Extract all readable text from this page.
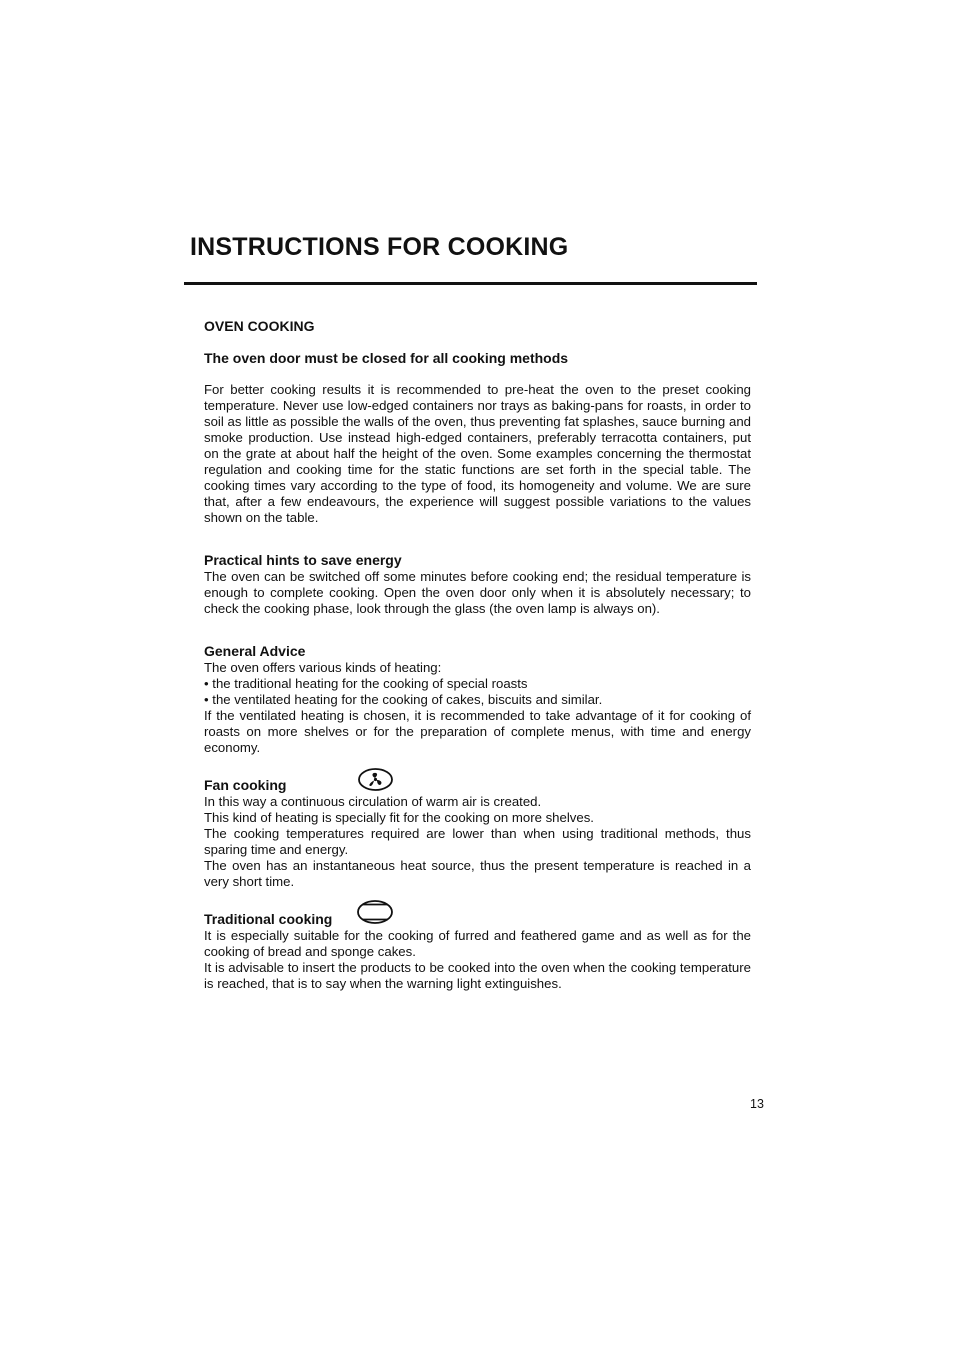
INSTRUCTIONS FOR COOKING
OVEN COOKING
The oven door must be closed for all cooking methods

For better cooking results it is recommended to pre-heat the oven to the preset cooking temperature. Never use low-edged containers nor trays as baking-pans for roasts, in order to soil as little as possible the walls of the oven, thus preventing fat splashes, sauce burning and smoke production. Use instead high-edged containers, preferably terracotta containers, put on the grate at about half the height of the oven. Some examples concerning the thermostat regulation and cooking time for the static functions are set forth in the special table. The cooking times vary according to the type of food, its homogeneity and volume. We are sure that, after a few endeavours, the experience will suggest possible variations to the values shown on the table.

Practical hints to save energy

The oven can be switched off some minutes before cooking end; the residual temperature is enough to complete cooking. Open the oven door only when it is absolutely necessary; to check the cooking phase, look through the glass (the oven lamp is always on).

General Advice
The oven offers various kinds of heating:
• the traditional heating for the cooking of special roasts
• the ventilated heating for the cooking of cakes, biscuits and similar.

If the ventilated heating is chosen, it is recommended to take advantage of it for cooking of roasts on more shelves or for the preparation of complete menus, with time and energy economy.

Fan cooking
In this way a continuous circulation of warm air is created.
This kind of heating is specially fit for the cooking on more shelves.

The cooking temperatures required are lower than when using traditional methods, thus sparing time and energy.

The oven has an instantaneous heat source, thus the present temperature is reached in a very short time.

Traditional cooking

It is especially suitable for the cooking of furred and feathered game and as well as for the cooking of bread and sponge cakes.

It is advisable to insert the products to be cooked into the oven when the cooking temperature is reached, that is to say when the warning light extinguishes.

13
